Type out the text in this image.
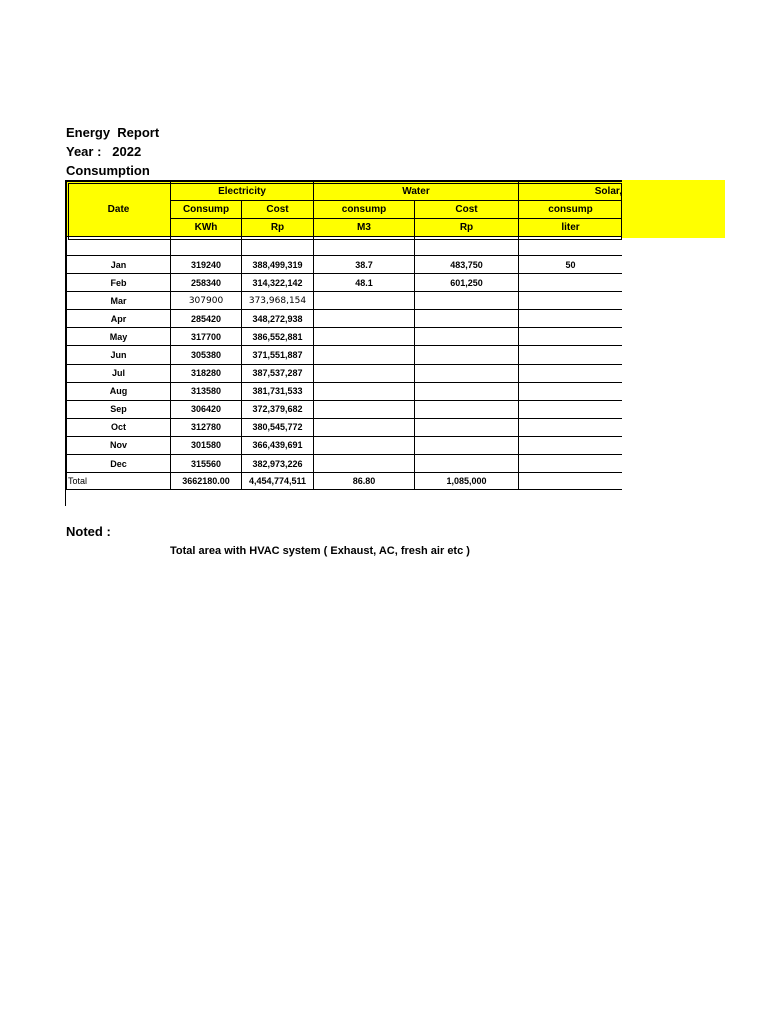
Energy  Report
Year :   2022
Consumption
Date	Electricity		Water		Solar,	
	Consump	Cost	consump	Cost	consump	
	KWh	Rp	M3	Rp	liter	

Jan	319240	388,499,319	38.7	483,750	50	
Feb	258340	314,322,142	48.1	601,250		
Mar	307900	373,968,154				
Apr	285420	348,272,938				
May	317700	386,552,881				
Jun	305380	371,551,887				
Jul	318280	387,537,287				
Aug	313580	381,731,533				
Sep	306420	372,379,682				
Oct	312780	380,545,772				
Nov	301580	366,439,691				
Dec	315560	382,973,226				
Total	3662180.00	4,454,774,511	86.80	1,085,000		
Noted :
Total area with HVAC system ( Exhaust, AC, fresh air etc )
